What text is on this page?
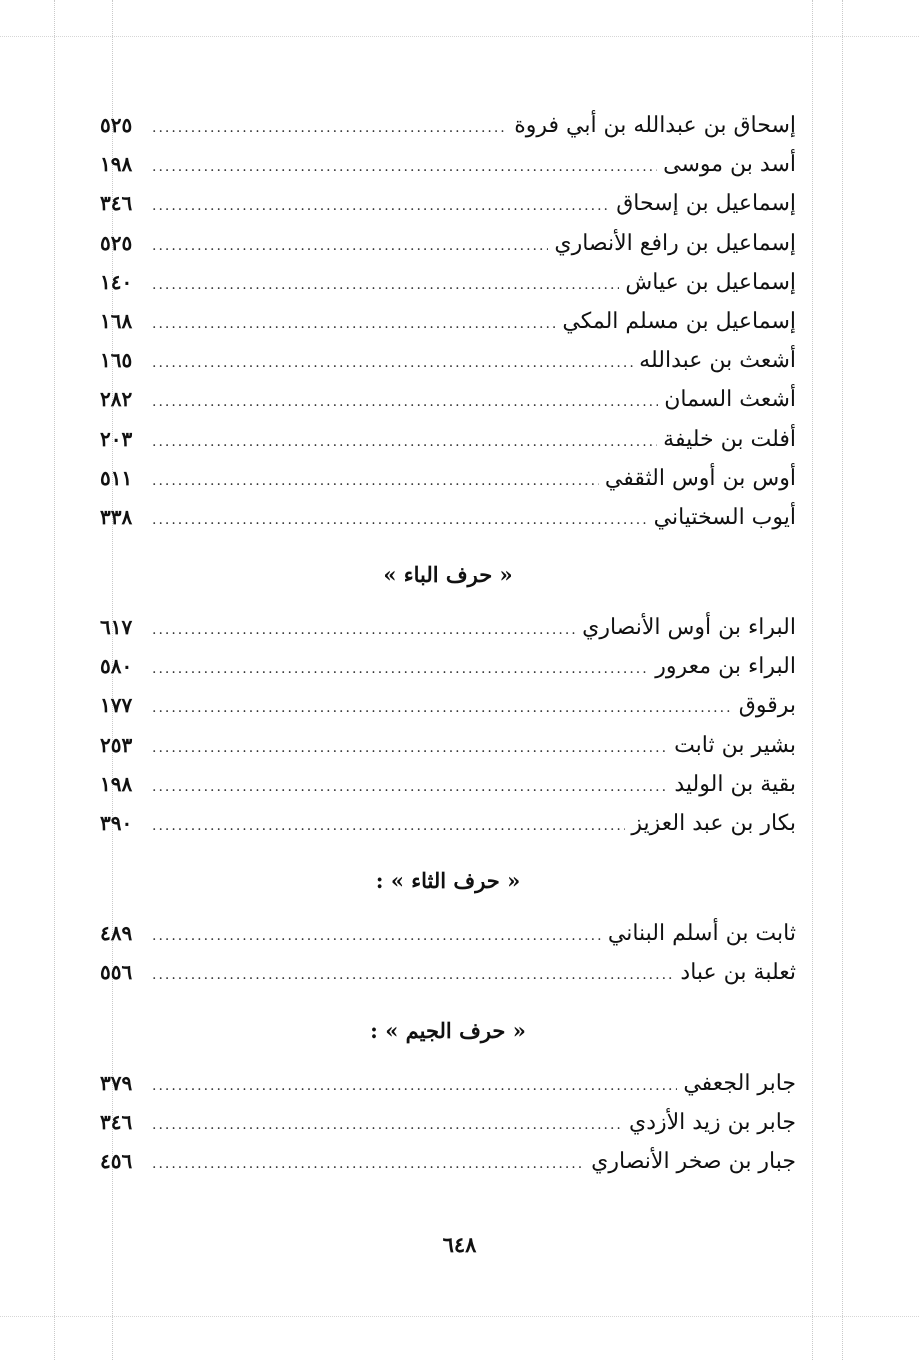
إسحاق بن عبدالله بن أبي فروة
.....
٥٢٥
أسد بن موسى
.....
١٩٨
إسماعيل بن إسحاق
.....
٣٤٦
إسماعيل بن رافع الأنصاري
.....
٥٢٥
إسماعيل بن عياش
.....
١٤٠
إسماعيل بن مسلم المكي
.....
١٦٨
أشعث بن عبدالله
.....
١٦٥
أشعث السمان
.....
٢٨٢
أفلت بن خليفة
.....
٢٠٣
أوس بن أوس الثقفي
.....
٥١١
أيوب السختياني
.....
٣٣٨
« حرف الباء »
البراء بن أوس الأنصاري
.....
٦١٧
البراء بن معرور
.....
٥٨٠
برقوق
.....
١٧٧
بشير بن ثابت
.....
٢٥٣
بقية بن الوليد
.....
١٩٨
بكار بن عبد العزيز
.....
٣٩٠
« حرف الثاء » :
ثابت بن أسلم البناني
.....
٤٨٩
ثعلبة بن عباد
.....
٥٥٦
« حرف الجيم » :
جابر الجعفي
.....
٣٧٩
جابر بن زيد الأزدي
.....
٣٤٦
جبار بن صخر الأنصاري
.....
٤٥٦
٦٤٨
